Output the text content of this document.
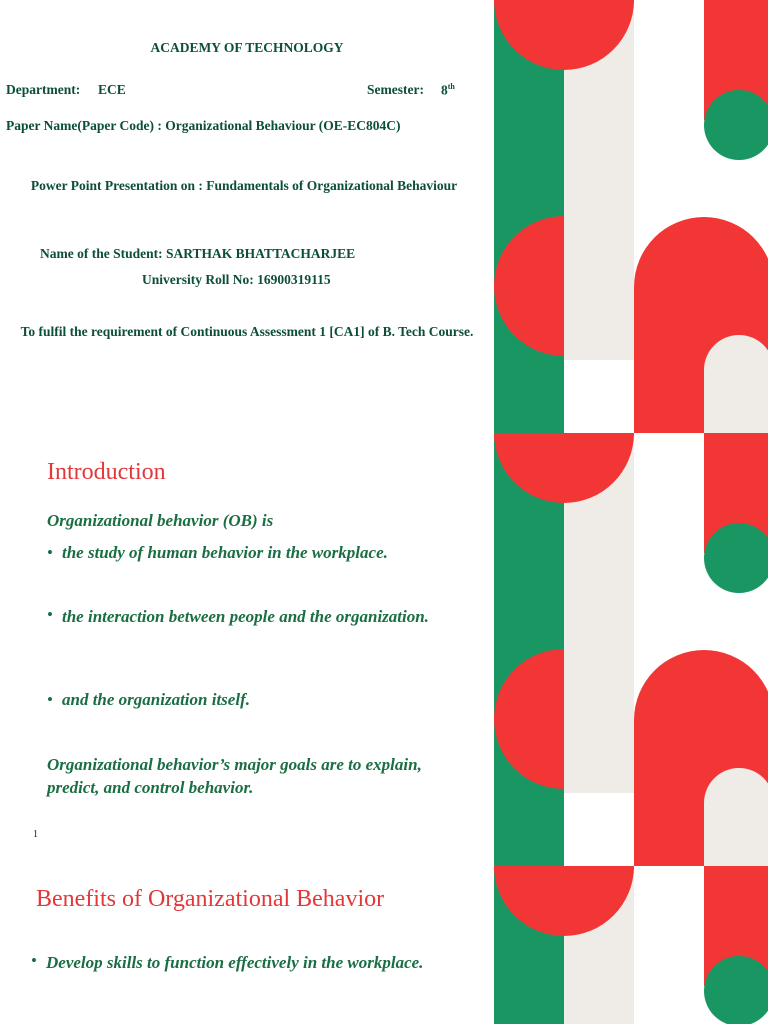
ACADEMY OF TECHNOLOGY

Department: ECE	Semester: 8th

Paper Name(Paper Code) : Organizational Behaviour (OE-EC804C)

Power Point Presentation on : Fundamentals of Organizational Behaviour

Name of the Student: SARTHAK BHATTACHARJEE

University Roll No: 16900319115

To fulfil the requirement of Continuous Assessment 1 [CA1] of B. Tech Course.

Introduction

Organizational behavior (OB) is

• the study of human behavior in the workplace.

• the interaction between people and the organization.

• and the organization itself.

Organizational behavior’s major goals are to explain, predict, and control behavior.

1

Benefits of Organizational Behavior

• Develop skills to function effectively in the workplace.
